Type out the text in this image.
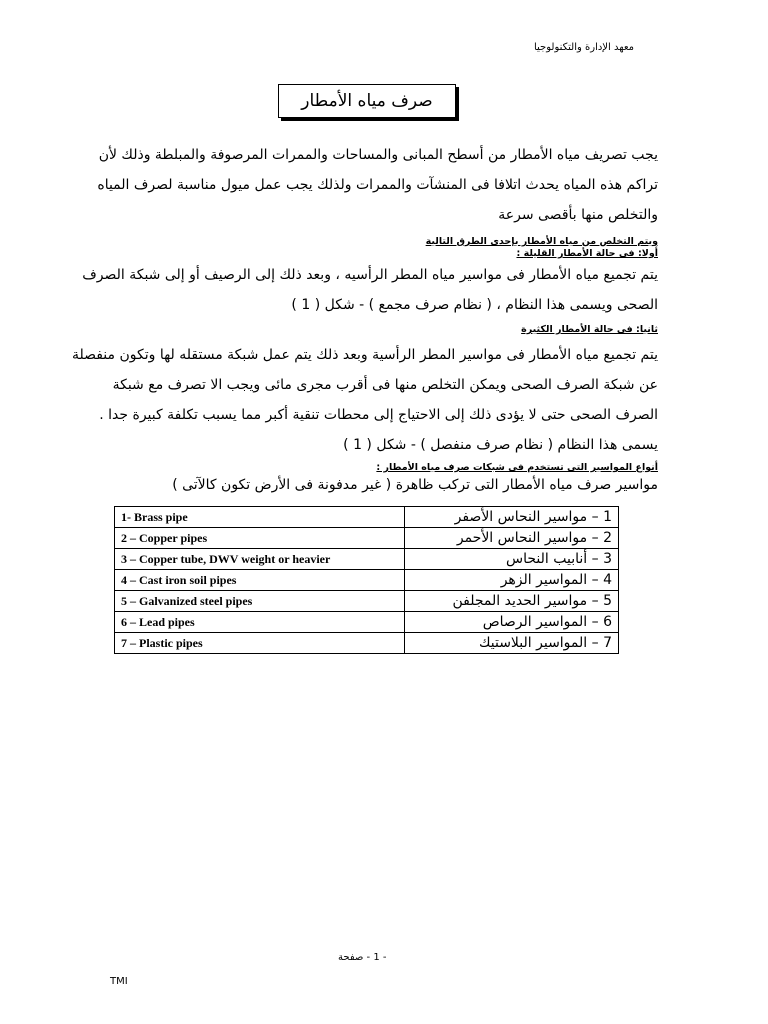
معهد الإدارة والتكنولوجيا
صرف مياه الأمطار
يجب تصريف مياه الأمطار من أسطح المبانى والمساحات والممرات المرصوفة والمبلطة وذلك لأن
تراكم هذه المياه يحدث اتلافا فى المنشآت والممرات ولذلك يجب عمل ميول مناسبة لصرف المياه
والتخلص منها بأقصى سرعة
ويتم التخلص من مياه الأمطار بإحدى الطرق التالية
أولا: فى حالة الأمطار القليلة :
يتم تجميع مياه الأمطار فى مواسير مياه المطر الرأسيه ، وبعد ذلك إلى الرصيف أو إلى شبكة الصرف
الصحى ويسمى هذا النظام ، ( نظام صرف مجمع ) - شكل ( 1 )
ثانيا: فى حالة الأمطار الكثيرة
يتم تجميع مياه الأمطار فى مواسير المطر الرأسية وبعد ذلك يتم عمل شبكة مستقله لها وتكون منفصلة
عن شبكة الصرف الصحى ويمكن التخلص منها فى أقرب مجرى مائى ويجب الا تصرف مع شبكة
الصرف الصحى حتى لا يؤدى ذلك إلى الاحتياج إلى محطات تنقية أكبر مما يسبب تكلفة كبيرة جدا .
يسمى هذا النظام ( نظام صرف منفصل ) - شكل ( 1 )
أنواع المواسير التى تستخدم فى شبكات صرف مياه الأمطار :
مواسير صرف مياه الأمطار التى تركب ظاهرة ( غير مدفونة فى الأرض تكون كالآتى )
1- Brass pipe	1 – مواسير النحاس الأصفر
2 – Copper pipes	2 – مواسير النحاس الأحمر
3 – Copper tube, DWV weight or heavier	3 – أنابيب النحاس
4 – Cast iron soil pipes	4 – المواسير الزهر
5 – Galvanized steel pipes	5 – مواسير الحديد المجلفن
6 – Lead pipes	6 – المواسير الرصاص
7 – Plastic pipes	7 – المواسير البلاستيك
- 1 - صفحة
TMI
